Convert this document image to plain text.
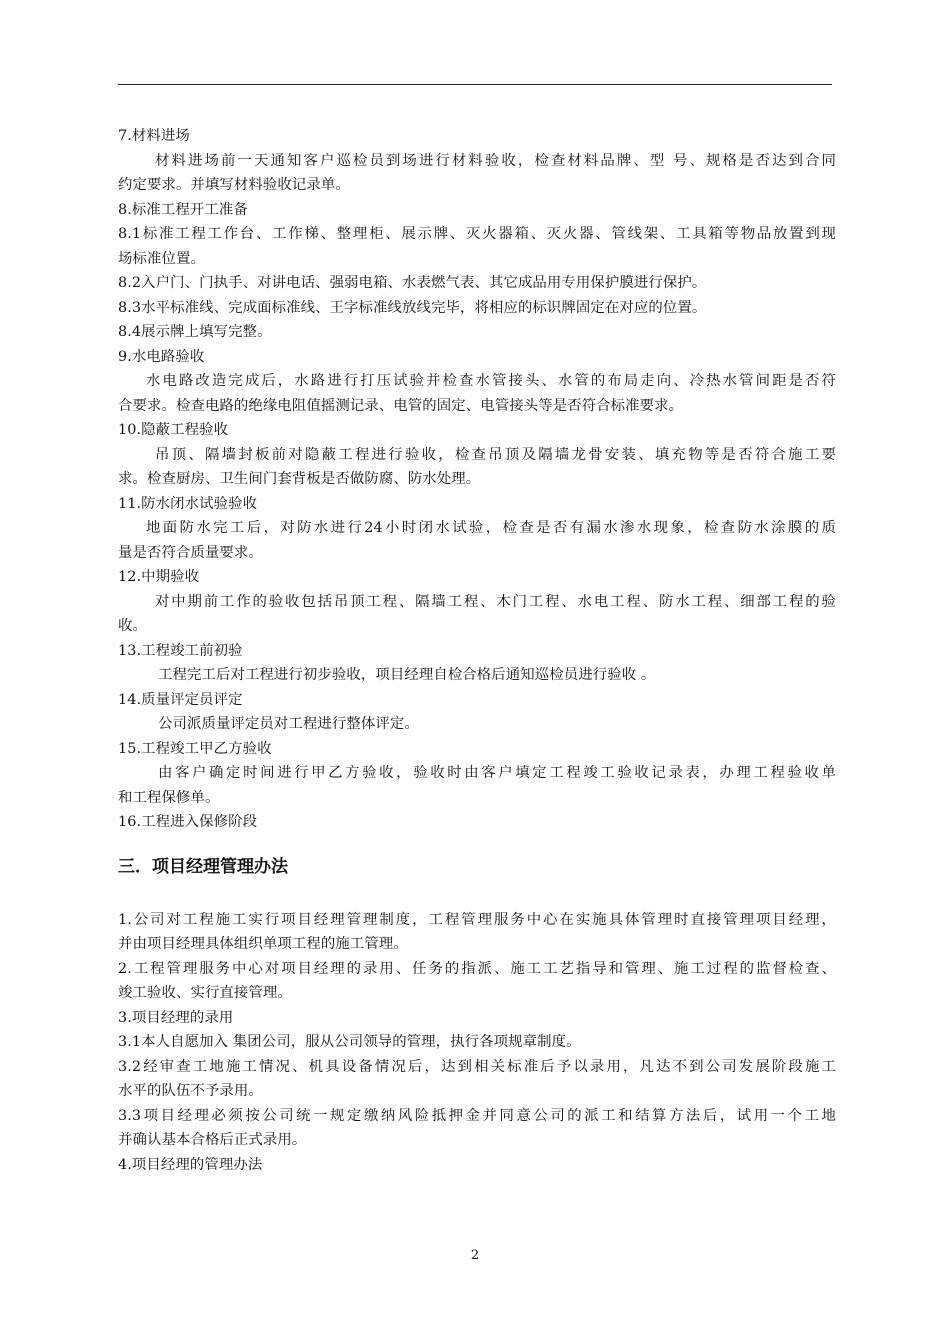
7.材料进场
材料进场前一天通知客户巡检员到场进行材料验收，检查材料品牌、型 号、规格是否达到合同
约定要求。并填写材料验收记录单。
8.标准工程开工准备
8.1标准工程工作台、工作梯、整理柜、展示牌、灭火器箱、灭火器、管线架、工具箱等物品放置到现
场标准位置。
8.2入户门、门执手、对讲电话、强弱电箱、水表燃气表、其它成品用专用保护膜进行保护。
8.3水平标准线、完成面标准线、王字标准线放线完毕，将相应的标识牌固定在对应的位置。
8.4展示牌上填写完整。
9.水电路验收
水电路改造完成后，水路进行打压试验并检查水管接头、水管的布局走向、冷热水管间距是否符
合要求。检查电路的绝缘电阻值摇测记录、电管的固定、电管接头等是否符合标准要求。
10.隐蔽工程验收
吊顶、隔墙封板前对隐蔽工程进行验收，检查吊顶及隔墙龙骨安装、填充物等是否符合施工要
求。检查厨房、卫生间门套背板是否做防腐、防水处理。
11.防水闭水试验验收
地面防水完工后，对防水进行24小时闭水试验，检查是否有漏水渗水现象，检查防水涂膜的质
量是否符合质量要求。
12.中期验收
对中期前工作的验收包括吊顶工程、隔墙工程、木门工程、水电工程、防水工程、细部工程的验
收。
13.工程竣工前初验
工程完工后对工程进行初步验收，项目经理自检合格后通知巡检员进行验收 。
14.质量评定员评定
公司派质量评定员对工程进行整体评定。
15.工程竣工甲乙方验收
由客户确定时间进行甲乙方验收，验收时由客户填定工程竣工验收记录表，办理工程验收单
和工程保修单。
16.工程进入保修阶段
三．项目经理管理办法
1.公司对工程施工实行项目经理管理制度，工程管理服务中心在实施具体管理时直接管理项目经理，
并由项目经理具体组织单项工程的施工管理。
2.工程管理服务中心对项目经理的录用、任务的指派、施工工艺指导和管理、施工过程的监督检查、
竣工验收、实行直接管理。
3.项目经理的录用
3.1本人自愿加入 集团公司，服从公司领导的管理，执行各项规章制度。
3.2经审查工地施工情况、机具设备情况后，达到相关标准后予以录用，凡达不到公司发展阶段施工
水平的队伍不予录用。
3.3项目经理必须按公司统一规定缴纳风险抵押金并同意公司的派工和结算方法后，试用一个工地
并确认基本合格后正式录用。
4.项目经理的管理办法
2
